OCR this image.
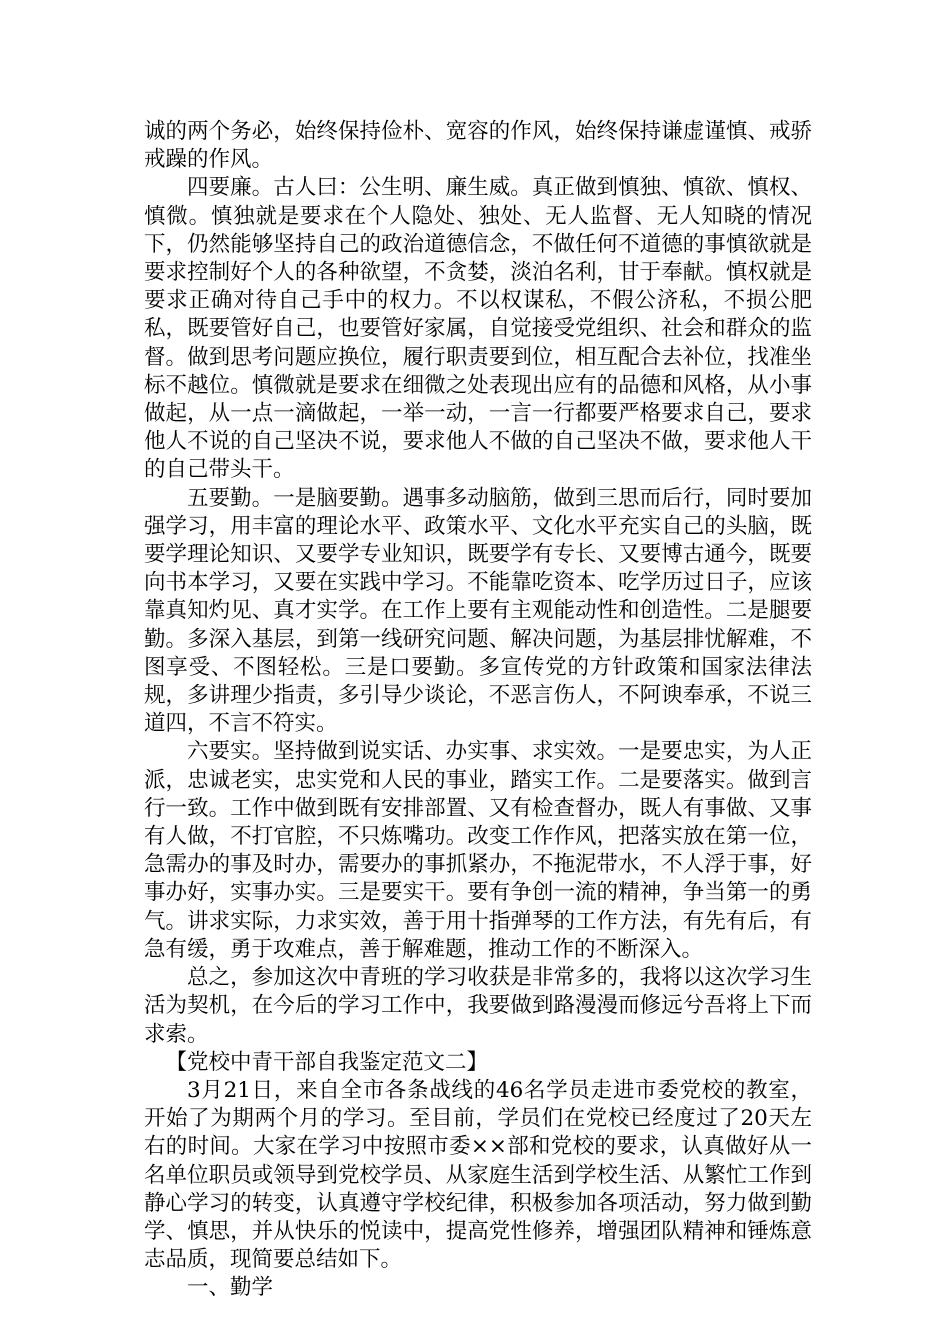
诚的两个务必，始终保持俭朴、宽容的作风，始终保持谦虚谨慎、戒骄戒躁的作风。

四要廉。古人曰：公生明、廉生威。真正做到慎独、慎欲、慎权、慎微。慎独就是要求在个人隐处、独处、无人监督、无人知晓的情况下，仍然能够坚持自己的政治道德信念，不做任何不道德的事慎欲就是要求控制好个人的各种欲望，不贪婪，淡泊名利，甘于奉献。慎权就是要求正确对待自己手中的权力。不以权谋私，不假公济私，不损公肥私，既要管好自己，也要管好家属，自觉接受党组织、社会和群众的监督。做到思考问题应换位，履行职责要到位，相互配合去补位，找准坐标不越位。慎微就是要求在细微之处表现出应有的品德和风格，从小事做起，从一点一滴做起，一举一动，一言一行都要严格要求自己，要求他人不说的自己坚决不说，要求他人不做的自己坚决不做，要求他人干的自己带头干。

五要勤。一是脑要勤。遇事多动脑筋，做到三思而后行，同时要加强学习，用丰富的理论水平、政策水平、文化水平充实自己的头脑，既要学理论知识、又要学专业知识，既要学有专长、又要博古通今，既要向书本学习，又要在实践中学习。不能靠吃资本、吃学历过日子，应该靠真知灼见、真才实学。在工作上要有主观能动性和创造性。二是腿要勤。多深入基层，到第一线研究问题、解决问题，为基层排忧解难，不图享受、不图轻松。三是口要勤。多宣传党的方针政策和国家法律法规，多讲理少指责，多引导少谈论，不恶言伤人，不阿谀奉承，不说三道四，不言不符实。

六要实。坚持做到说实话、办实事、求实效。一是要忠实，为人正派，忠诚老实，忠实党和人民的事业，踏实工作。二是要落实。做到言行一致。工作中做到既有安排部置、又有检查督办，既人有事做、又事有人做，不打官腔，不只炼嘴功。改变工作作风，把落实放在第一位，急需办的事及时办，需要办的事抓紧办，不拖泥带水，不人浮于事，好事办好，实事办实。三是要实干。要有争创一流的精神，争当第一的勇气。讲求实际，力求实效，善于用十指弹琴的工作方法，有先有后，有急有缓，勇于攻难点，善于解难题，推动工作的不断深入。

总之，参加这次中青班的学习收获是非常多的，我将以这次学习生活为契机，在今后的学习工作中，我要做到路漫漫而修远兮吾将上下而求索。

【党校中青干部自我鉴定范文二】

3月21日，来自全市各条战线的46名学员走进市委党校的教室，开始了为期两个月的学习。至目前，学员们在党校已经度过了20天左右的时间。大家在学习中按照市委××部和党校的要求，认真做好从一名单位职员或领导到党校学员、从家庭生活到学校生活、从繁忙工作到静心学习的转变，认真遵守学校纪律，积极参加各项活动，努力做到勤学、慎思，并从快乐的悦读中，提高党性修养，增强团队精神和锤炼意志品质，现简要总结如下。

一、勤学
